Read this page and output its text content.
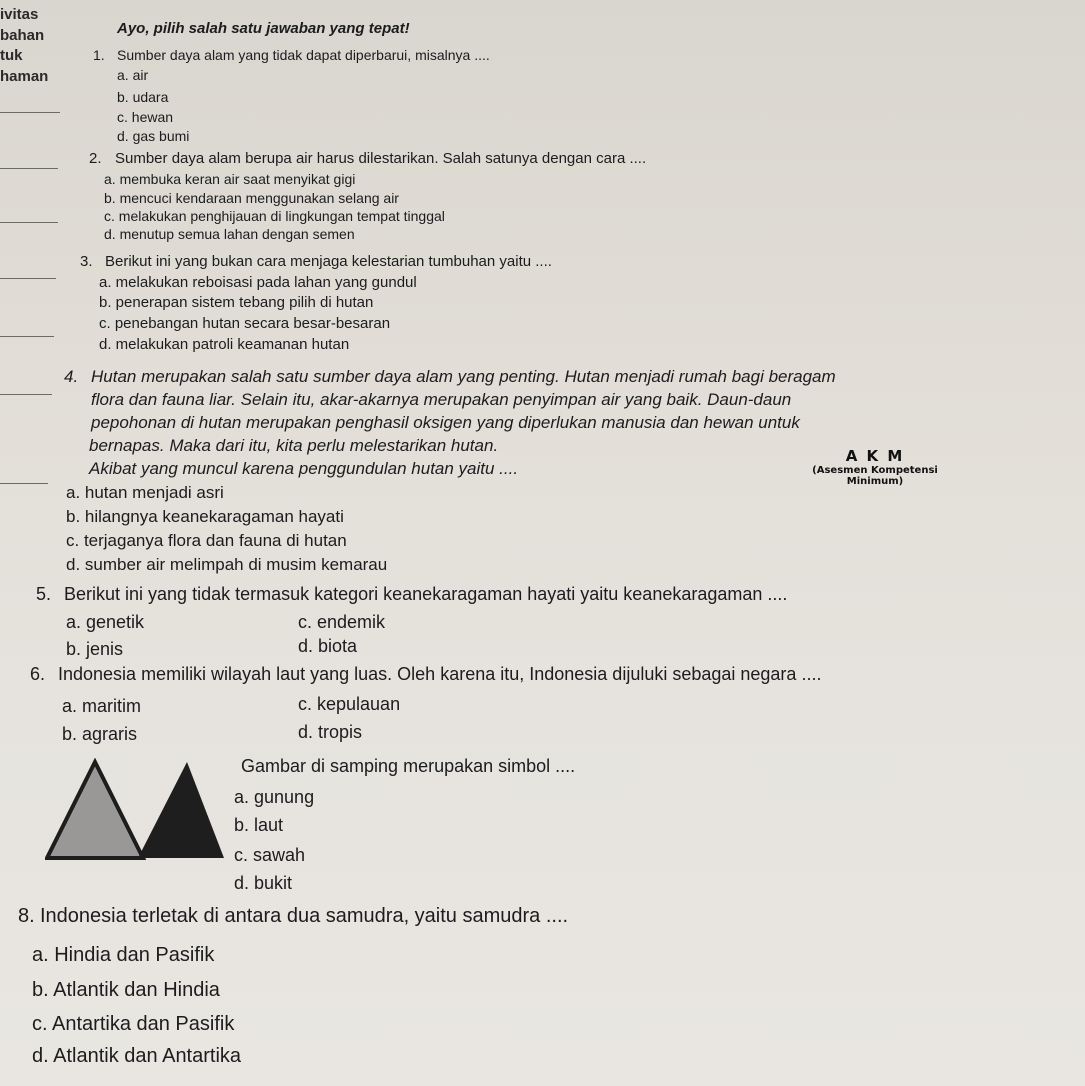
ivitas
bahan
tuk
haman
Ayo, pilih salah satu jawaban yang tepat!
1. Sumber daya alam yang tidak dapat diperbarui, misalnya ....
a. air
b. udara
c. hewan
d. gas bumi
2. Sumber daya alam berupa air harus dilestarikan. Salah satunya dengan cara ....
a. membuka keran air saat menyikat gigi
b. mencuci kendaraan menggunakan selang air
c. melakukan penghijauan di lingkungan tempat tinggal
d. menutup semua lahan dengan semen
3. Berikut ini yang bukan cara menjaga kelestarian tumbuhan yaitu ....
a. melakukan reboisasi pada lahan yang gundul
b. penerapan sistem tebang pilih di hutan
c. penebangan hutan secara besar-besaran
d. melakukan patroli keamanan hutan
4. Hutan merupakan salah satu sumber daya alam yang penting. Hutan menjadi rumah bagi beragam
flora dan fauna liar. Selain itu, akar-akarnya merupakan penyimpan air yang baik. Daun-daun
pepohonan di hutan merupakan penghasil oksigen yang diperlukan manusia dan hewan untuk
bernapas. Maka dari itu, kita perlu melestarikan hutan.
Akibat yang muncul karena penggundulan hutan yaitu ....
A K M
(Asesmen Kompetensi Minimum)
a. hutan menjadi asri
b. hilangnya keanekaragaman hayati
c. terjaganya flora dan fauna di hutan
d. sumber air melimpah di musim kemarau
5. Berikut ini yang tidak termasuk kategori keanekaragaman hayati yaitu keanekaragaman ....
a. genetik
b. jenis
c. endemik
d. biota
6. Indonesia memiliki wilayah laut yang luas. Oleh karena itu, Indonesia dijuluki sebagai negara ....
a. maritim
b. agraris
c. kepulauan
d. tropis
Gambar di samping merupakan simbol ....
a. gunung
b. laut
c. sawah
d. bukit
8. Indonesia terletak di antara dua samudra, yaitu samudra ....
a. Hindia dan Pasifik
b. Atlantik dan Hindia
c. Antartika dan Pasifik
d. Atlantik dan Antartika
